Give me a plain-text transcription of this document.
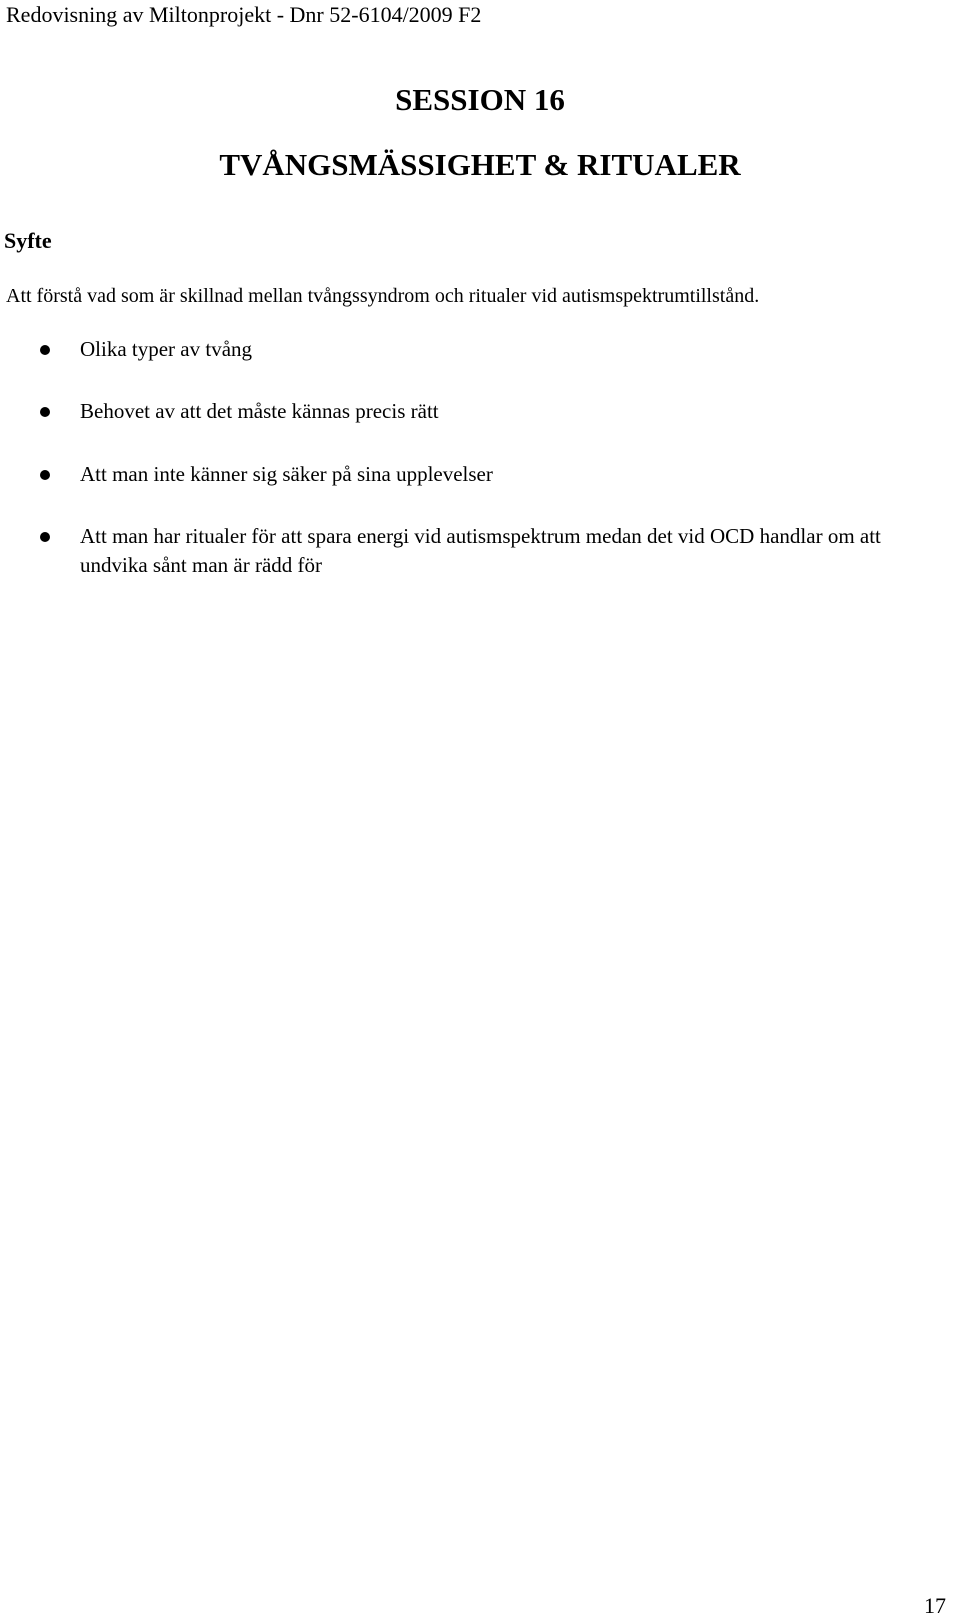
Redovisning av Miltonprojekt - Dnr 52-6104/2009 F2
SESSION 16
TVÅNGSMÄSSIGHET & RITUALER
Syfte
Att förstå vad som är skillnad mellan tvångssyndrom och ritualer vid autismspektrumtillstånd.
Olika typer av tvång
Behovet av att det måste kännas precis rätt
Att man inte känner sig säker på sina upplevelser
Att man har ritualer för att spara energi vid autismspektrum medan det vid OCD handlar om att undvika sånt man är rädd för
17
